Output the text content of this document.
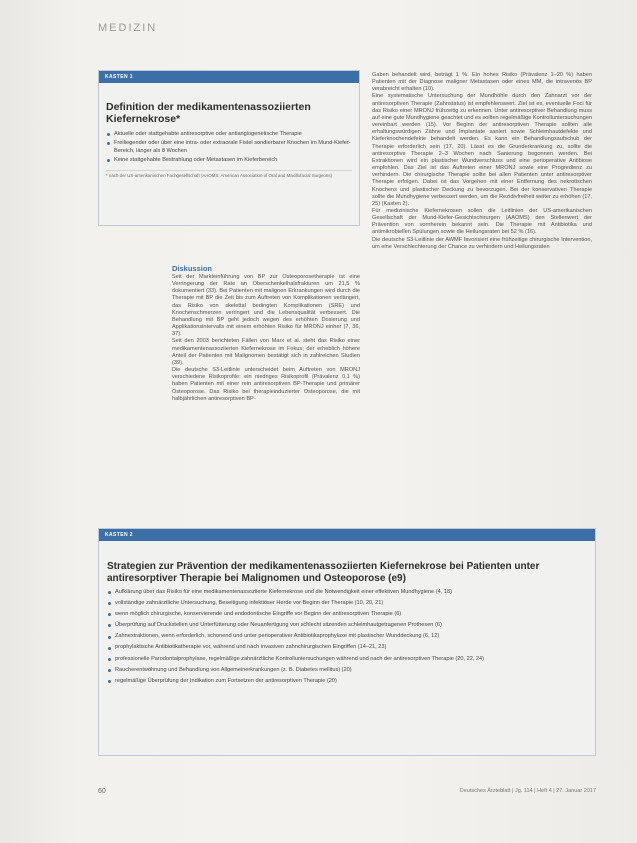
MEDIZIN
KASTEN 1
Definition der medikamentenassoziierten Kiefernekrose*
Aktuelle oder stattgehabte antiresorptive oder antiangiogenetische Therapie
Freiliegender oder über eine intra- oder extraorale Fistel sondierbarer Knochen im Mund-Kiefer-Bereich, länger als 8 Wochen
Keine stattgehabte Bestrahlung oder Metastasen im Kieferbereich
* nach der US-amerikanischen Fachgesellschaft (AAOMS: American Association of Oral and Maxillofacial Surgeons)
Diskussion

Seit der Markteinführung von BP zur Osteoporosetherapie ist eine Verringerung der Rate an Oberschenkelhalsfrakturen um 21,5 % dokumentiert (33). Bei Patienten mit malignen Erkrankungen wird durch die Therapie mit BP die Zeit bis zum Auftreten von Komplikationen verlängert, das Risiko von skelettal bedingten Komplikationen (SRE) und Knochenschmerzen verringert und die Lebensqualität verbessert. Die Behandlung mit BP geht jedoch wegen des erhöhten Dosierung und Applikationsintervalls mit einem erhöhten Risiko für MRONJ einher (7, 36, 37).

Seit den 2003 berichteten Fällen von Marx et al. steht das Risiko einer medikamentenassoziierten Kiefernekrose im Fokus; der erheblich höhere Anteil der Patienten mit Malignomen bestätigt sich in zahlreichen Studien (39).

Die deutsche S3-Leitlinie unterscheidet beim Auftreten von MRONJ verschiedene Risikoprofile: ein niedriges Risikoprofil (Prävalenz 0,1 %) haben Patienten mit einer rein antiresorptiven BP-Therapie und primärer Osteoporose. Das Risiko bei therapieinduzierter Osteoporose, die mit halbjährlichen antiresorptiven BP-

Gaben behandelt wird, beträgt 1 %. Ein hohes Risiko (Prävalenz 1–20 %) haben Patienten mit der Diagnose maligner Metastasen oder eines MM, die intravenös BP verabreicht erhalten (10).

Eine systematische Untersuchung der Mundhöhle durch den Zahnarzt vor der antiresorptiven Therapie (Zahnstatus) ist empfehlenswert. Ziel ist es, eventuelle Foci für das Risiko einer MRONJ frühzeitig zu erkennen. Unter antiresorptiver Behandlung muss auf eine gute Mundhygiene geachtet und es sollten regelmäßige Kontrolluntersuchungen vereinbart werden (15). Vor Beginn der antiresorptiven Therapie sollten alle erhaltungswürdigen Zähne und Implantate saniert sowie Schleimhautdefekte und Kieferknochendefekte behandelt werden. Es kann ein Behandlungsaufschub der Therapie erforderlich sein (17, 20). Lässt es die Grunderkrankung zu, sollte die antiresorptive Therapie 2–3 Wochen nach Sanierung begonnen werden. Bei Extraktionen wird ein plastischer Wundverschluss und eine perioperative Antibiose empfohlen. Das Ziel ist das Auftreten einer MRONJ sowie eine Progredienz zu verhindern. Die chirurgische Therapie sollte bei allen Patienten unter antiresorptiver Therapie erfolgen. Dabei ist das Vorgehen mit einer Entfernung des nekrotischen Knochens und plastischer Deckung zu bevorzugen. Bei der konservativen Therapie sollte die Mundhygiene verbessert werden, um die Rezidivfreiheit weiter zu erhöhen (17, 25) (Kasten 2).

Für medizinische Kiefernekrosen sollen die Leitlinien der US-amerikanischen Gesellschaft der Mund-Kiefer-Gesichtschirurgen (AAOMS) den Stellenwert der Prävention von vornherein bekannt sein. Die Therapie mit Antibiotika und antimikrobiellen Spülungen sowie die Heilungsraten bei 52 % (16).

Die deutsche S3-Leitlinie der AWMF favorisiert eine frühzeitige chirurgische Intervention, um eine Verschlechterung der Chance zu verhindern und Heilungsraten

KASTEN 2
Strategien zur Prävention der medikamentenassoziierten Kiefernekrose bei Patienten unter antiresorptiver Therapie bei Malignomen und Osteoporose (e9)
Aufklärung über das Risiko für eine medikamentenassoziierte Kiefernekrose und die Notwendigkeit einer effektiven Mundhygiene (4, 18)
vollständige zahnärztliche Untersuchung, Beseitigung infektiöser Herde vor Beginn der Therapie (10, 20, 21)
wenn möglich chirurgische, konservierende und endodontische Eingriffe vor Beginn der antiresorptiven Therapie (6)
Überprüfung auf Druckstellen und Unterfütterung oder Neuanfertigung von schlecht sitzenden schleimhautgetragenen Prothesen (6)
Zahnextraktionen, wenn erforderlich, schonend und unter perioperativer Antibiotikaprophylaxe mit plastischer Wunddeckung (6, 12)
prophylaktische Antibiotikatherapie vor, während und nach invasiven zahnchirurgischen Eingriffen (14–21, 23)
professionelle Parodontalprophylaxe, regelmäßige zahnärztliche Kontrolluntersuchungen während und nach der antiresorptiven Therapie (20, 22, 24)
Raucherentwöhnung und Behandlung von Allgemeinerkrankungen (z. B. Diabetes mellitus) (20)
regelmäßige Überprüfung der Indikation zum Fortsetzen der antiresorptiven Therapie (20)
60	Deutsches Ärzteblatt | Jg. 114 | Heft 4 | 27. Januar 2017
